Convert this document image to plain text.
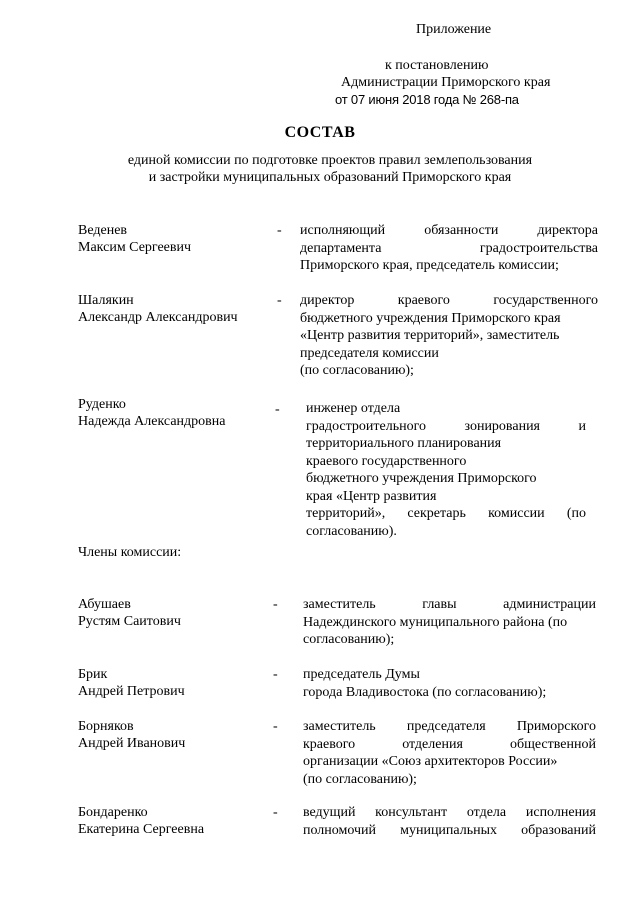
Приложение
к постановлению
Администрации Приморского края
от 07 июня 2018 года № 268-па
СОСТАВ
единой комиссии по подготовке проектов правил землепользования
и застройки муниципальных образований Приморского края
Веденев
Максим Сергеевич
- исполняющий	обязанности	директора
департамента	градостроительства
Приморского края, председатель комиссии;
Шалякин
Александр Александрович
- директор	краевого	государственного
бюджетного учреждения Приморского края
«Центр развития территорий», заместитель
председателя комиссии
(по согласованию);
Руденко
Надежда Александровна
- инженер отдела
градостроительного	зонирования	и
территориального планирования
краевого государственного
бюджетного учреждения Приморского
края «Центр развития
территорий», секретарь комиссии (по
согласованию).
Члены комиссии:
Абушаев
Рустям Саитович
- заместитель	главы	администрации
Надеждинского муниципального района (по
согласованию);
Брик
Андрей Петрович
- председатель Думы
города Владивостока (по согласованию);
Борняков
Андрей Иванович
- заместитель председателя Приморского
краевого	отделения	общественной
организации «Союз архитекторов России»
(по согласованию);
Бондаренко
Екатерина Сергеевна
- ведущий консультант отдела исполнения
полномочий муниципальных образований
